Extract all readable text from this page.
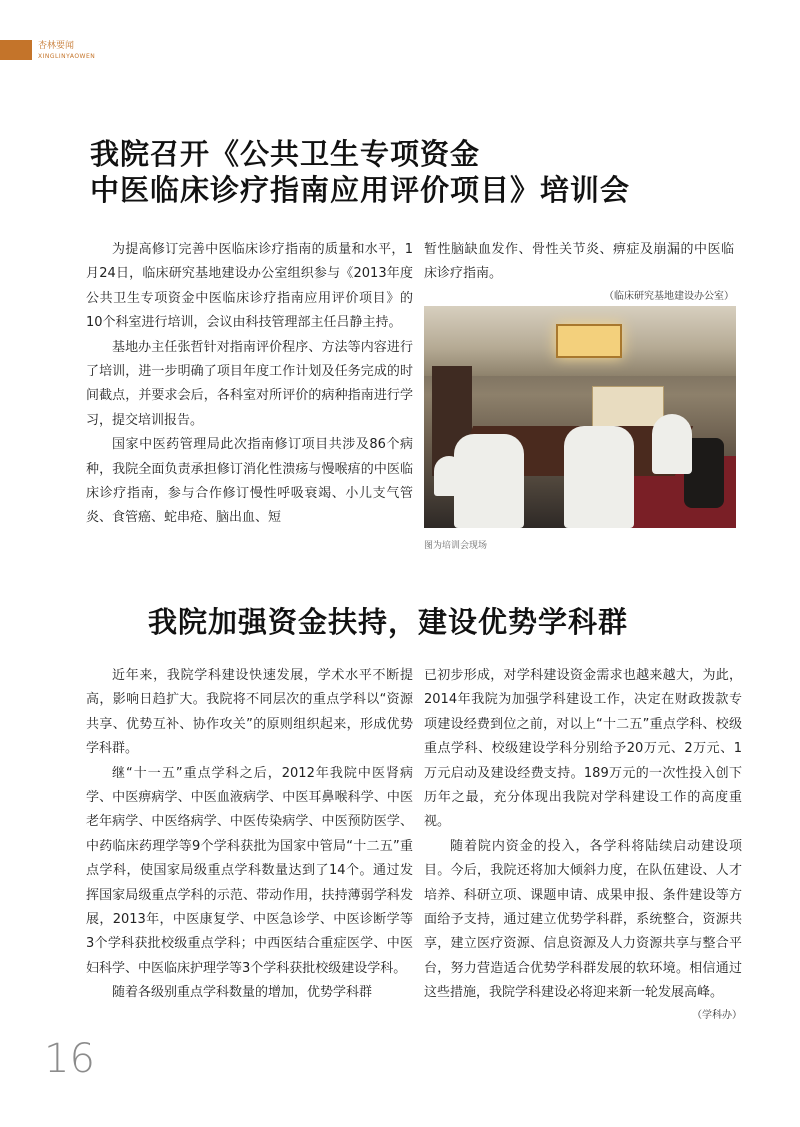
杏林要闻
XINGLINYAOWEN
我院召开《公共卫生专项资金
中医临床诊疗指南应用评价项目》培训会

为提高修订完善中医临床诊疗指南的质量和水平，1月24日，临床研究基地建设办公室组织参与《2013年度公共卫生专项资金中医临床诊疗指南应用评价项目》的10个科室进行培训，会议由科技管理部主任吕静主持。

基地办主任张哲针对指南评价程序、方法等内容进行了培训，进一步明确了项目年度工作计划及任务完成的时间截点，并要求会后，各科室对所评价的病种指南进行学习，提交培训报告。

国家中医药管理局此次指南修订项目共涉及86个病种，我院全面负责承担修订消化性溃疡与慢喉痦的中医临床诊疗指南，参与合作修订慢性呼吸衰竭、小儿支气管炎、食管癌、蛇串疮、脑出血、短

暂性脑缺血发作、骨性关节炎、痹症及崩漏的中医临床诊疗指南。

（临床研究基地建设办公室）
图为培训会现场
我院加强资金扶持，建设优势学科群

近年来，我院学科建设快速发展，学术水平不断提高，影响日趋扩大。我院将不同层次的重点学科以“资源共享、优势互补、协作攻关”的原则组织起来，形成优势学科群。

继“十一五”重点学科之后，2012年我院中医肾病学、中医痹病学、中医血液病学、中医耳鼻喉科学、中医老年病学、中医络病学、中医传染病学、中医预防医学、中药临床药理学等9个学科获批为国家中管局“十二五”重点学科，使国家局级重点学科数量达到了14个。通过发挥国家局级重点学科的示范、带动作用，扶持薄弱学科发展，2013年，中医康复学、中医急诊学、中医诊断学等3个学科获批校级重点学科；中西医结合重症医学、中医妇科学、中医临床护理学等3个学科获批校级建设学科。

随着各级别重点学科数量的增加，优势学科群

已初步形成，对学科建设资金需求也越来越大，为此，2014年我院为加强学科建设工作，决定在财政拨款专项建设经费到位之前，对以上“十二五”重点学科、校级重点学科、校级建设学科分别给予20万元、2万元、1万元启动及建设经费支持。189万元的一次性投入创下历年之最，充分体现出我院对学科建设工作的高度重视。

随着院内资金的投入，各学科将陆续启动建设项目。今后，我院还将加大倾斜力度，在队伍建设、人才培养、科研立项、课题申请、成果申报、条件建设等方面给予支持，通过建立优势学科群，系统整合，资源共享，建立医疗资源、信息资源及人力资源共享与整合平台，努力营造适合优势学科群发展的软环境。相信通过这些措施，我院学科建设必将迎来新一轮发展高峰。

（学科办）
16
